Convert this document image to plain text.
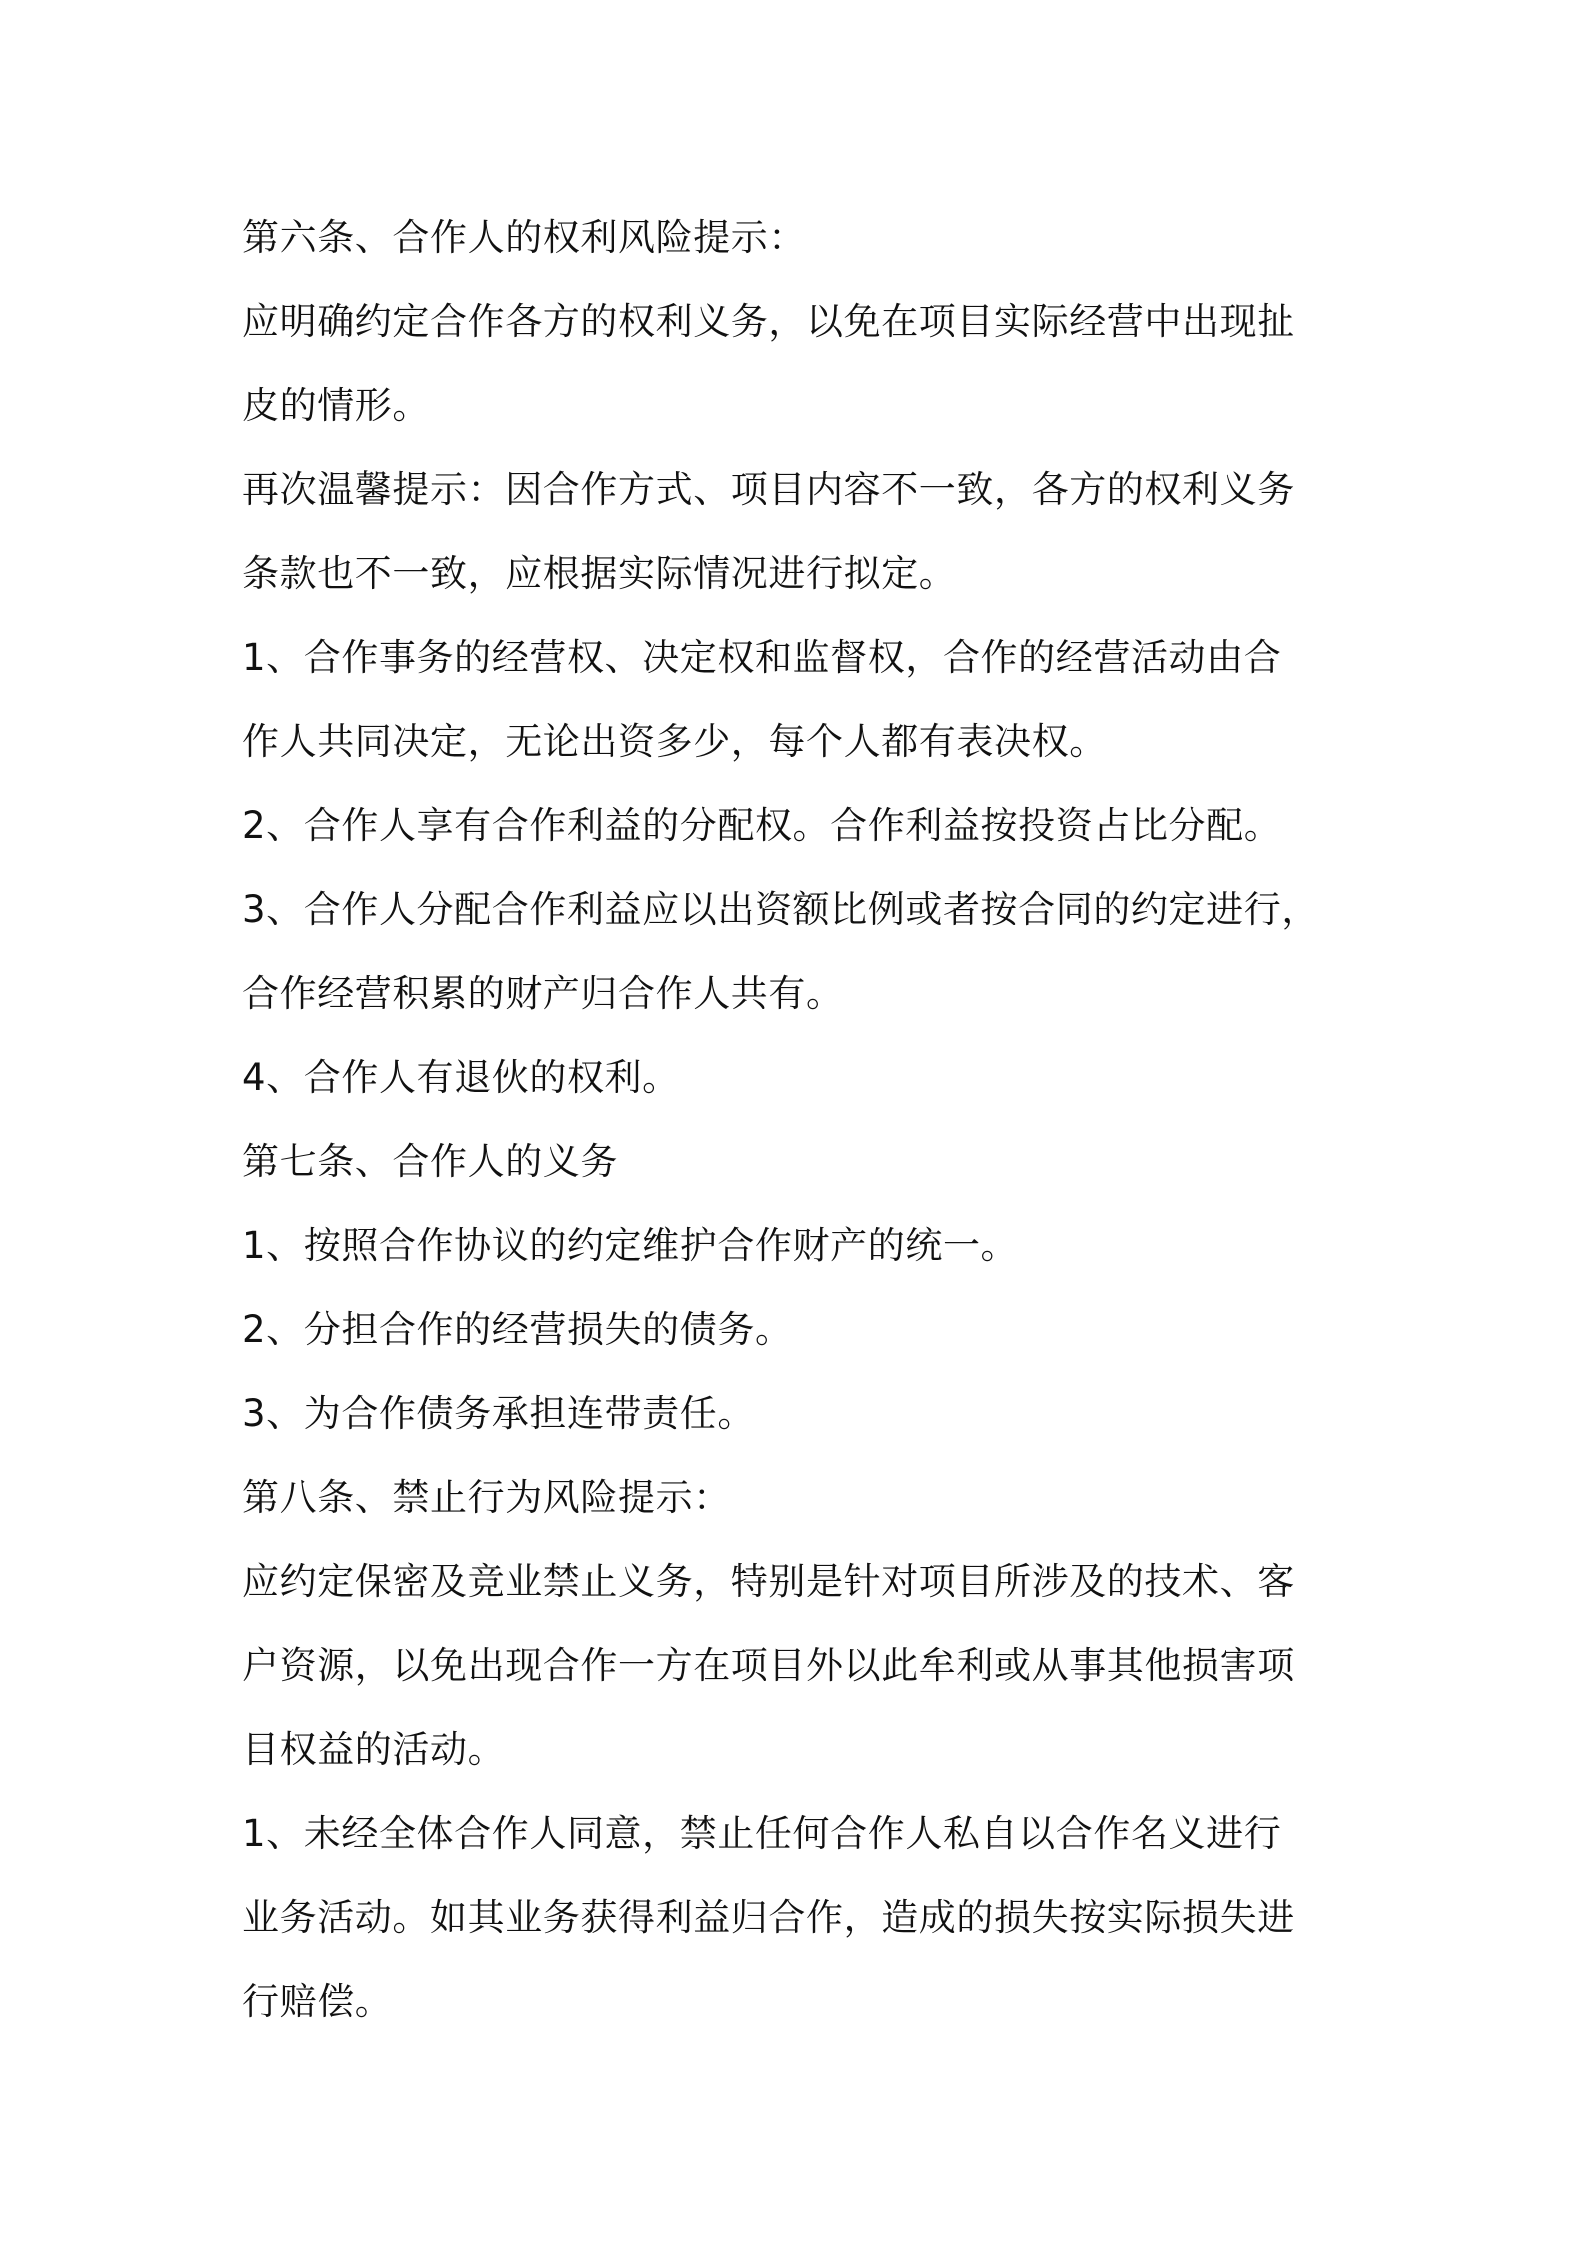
第六条、合作人的权利风险提示：
应明确约定合作各方的权利义务，以免在项目实际经营中出现扯
皮的情形。
再次温馨提示：因合作方式、项目内容不一致，各方的权利义务
条款也不一致，应根据实际情况进行拟定。
1、合作事务的经营权、决定权和监督权，合作的经营活动由合
作人共同决定，无论出资多少，每个人都有表决权。
2、合作人享有合作利益的分配权。合作利益按投资占比分配。
3、合作人分配合作利益应以出资额比例或者按合同的约定进行，
合作经营积累的财产归合作人共有。
4、合作人有退伙的权利。
第七条、合作人的义务
1、按照合作协议的约定维护合作财产的统一。
2、分担合作的经营损失的债务。
3、为合作债务承担连带责任。
第八条、禁止行为风险提示：
应约定保密及竞业禁止义务，特别是针对项目所涉及的技术、客
户资源，以免出现合作一方在项目外以此牟利或从事其他损害项
目权益的活动。
1、未经全体合作人同意，禁止任何合作人私自以合作名义进行
业务活动。如其业务获得利益归合作，造成的损失按实际损失进
行赔偿。
